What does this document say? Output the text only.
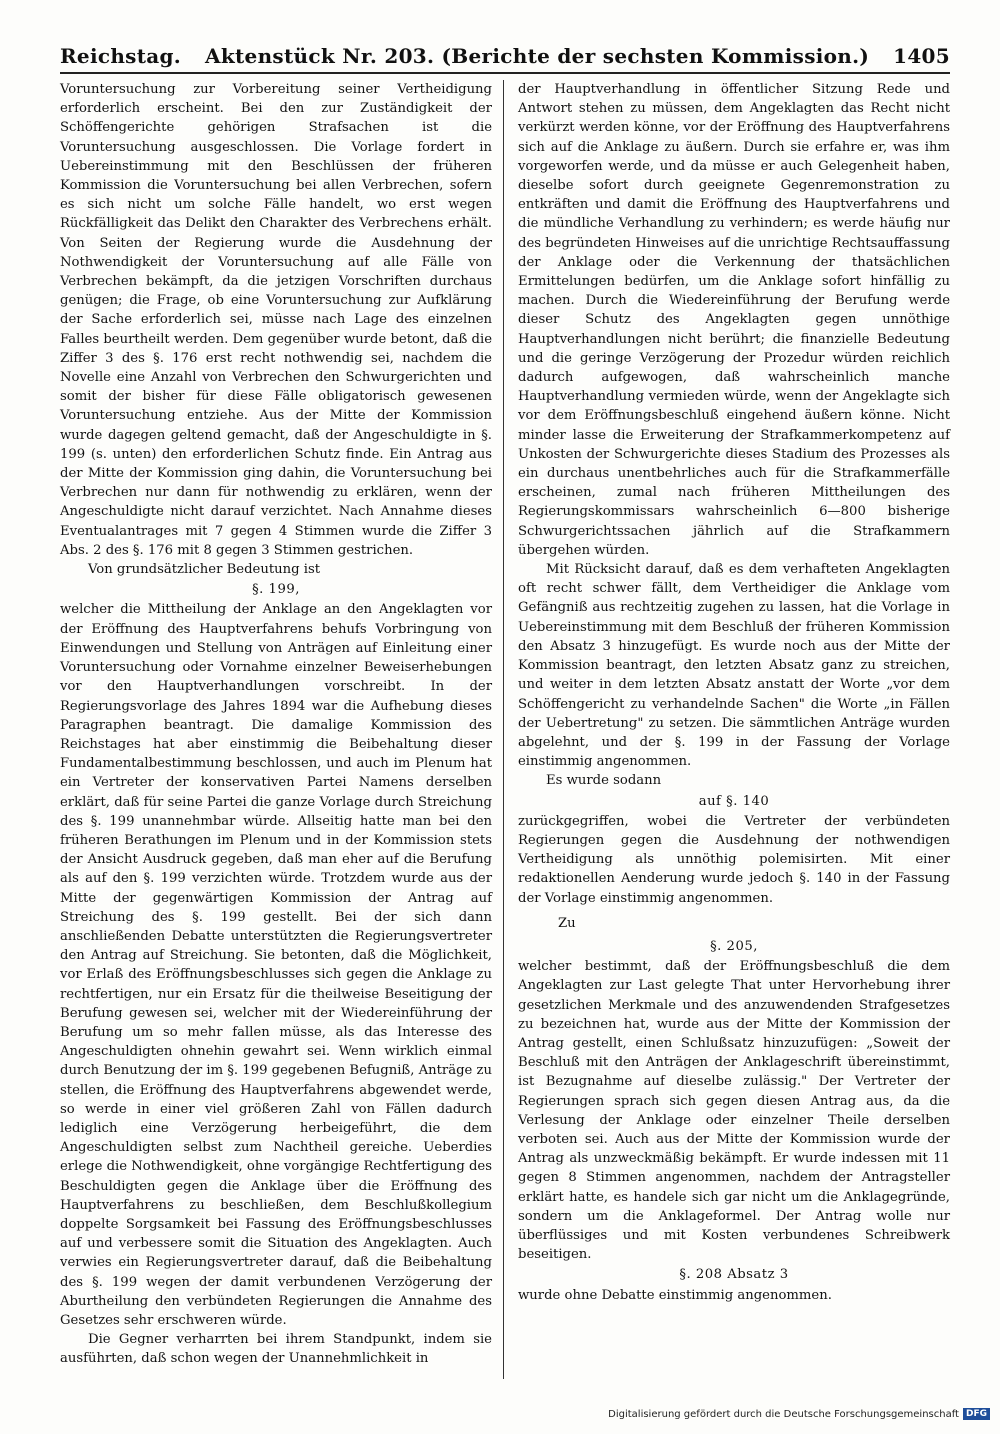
Reichstag.	Aktenstück Nr. 203. (Berichte der sechsten Kommission.)	1405

Voruntersuchung zur Vorbereitung seiner Vertheidigung erforderlich erscheint. Bei den zur Zuständigkeit der Schöffengerichte gehörigen Strafsachen ist die Voruntersuchung ausgeschlossen. Die Vorlage fordert in Uebereinstimmung mit den Beschlüssen der früheren Kommission die Voruntersuchung bei allen Verbrechen, sofern es sich nicht um solche Fälle handelt, wo erst wegen Rückfälligkeit das Delikt den Charakter des Verbrechens erhält. Von Seiten der Regierung wurde die Ausdehnung der Nothwendigkeit der Voruntersuchung auf alle Fälle von Verbrechen bekämpft, da die jetzigen Vorschriften durchaus genügen; die Frage, ob eine Voruntersuchung zur Aufklärung der Sache erforderlich sei, müsse nach Lage des einzelnen Falles beurtheilt werden. Dem gegenüber wurde betont, daß die Ziffer 3 des §. 176 erst recht nothwendig sei, nachdem die Novelle eine Anzahl von Verbrechen den Schwurgerichten und somit der bisher für diese Fälle obligatorisch gewesenen Voruntersuchung entziehe. Aus der Mitte der Kommission wurde dagegen geltend gemacht, daß der Angeschuldigte in §. 199 (s. unten) den erforderlichen Schutz finde. Ein Antrag aus der Mitte der Kommission ging dahin, die Voruntersuchung bei Verbrechen nur dann für nothwendig zu erklären, wenn der Angeschuldigte nicht darauf verzichtet. Nach Annahme dieses Eventualantrages mit 7 gegen 4 Stimmen wurde die Ziffer 3 Abs. 2 des §. 176 mit 8 gegen 3 Stimmen gestrichen.

Von grundsätzlicher Bedeutung ist

§. 199,

welcher die Mittheilung der Anklage an den Angeklagten vor der Eröffnung des Hauptverfahrens behufs Vorbringung von Einwendungen und Stellung von Anträgen auf Einleitung einer Voruntersuchung oder Vornahme einzelner Beweiserhebungen vor den Hauptverhandlungen vorschreibt. In der Regierungsvorlage des Jahres 1894 war die Aufhebung dieses Paragraphen beantragt. Die damalige Kommission des Reichstages hat aber einstimmig die Beibehaltung dieser Fundamentalbestimmung beschlossen, und auch im Plenum hat ein Vertreter der konservativen Partei Namens derselben erklärt, daß für seine Partei die ganze Vorlage durch Streichung des §. 199 unannehmbar würde. Allseitig hatte man bei den früheren Berathungen im Plenum und in der Kommission stets der Ansicht Ausdruck gegeben, daß man eher auf die Berufung als auf den §. 199 verzichten würde. Trotzdem wurde aus der Mitte der gegenwärtigen Kommission der Antrag auf Streichung des §. 199 gestellt. Bei der sich dann anschließenden Debatte unterstützten die Regierungsvertreter den Antrag auf Streichung. Sie betonten, daß die Möglichkeit, vor Erlaß des Eröffnungsbeschlusses sich gegen die Anklage zu rechtfertigen, nur ein Ersatz für die theilweise Beseitigung der Berufung gewesen sei, welcher mit der Wiedereinführung der Berufung um so mehr fallen müsse, als das Interesse des Angeschuldigten ohnehin gewahrt sei. Wenn wirklich einmal durch Benutzung der im §. 199 gegebenen Befugniß, Anträge zu stellen, die Eröffnung des Hauptverfahrens abgewendet werde, so werde in einer viel größeren Zahl von Fällen dadurch lediglich eine Verzögerung herbeigeführt, die dem Angeschuldigten selbst zum Nachtheil gereiche. Ueberdies erlege die Nothwendigkeit, ohne vorgängige Rechtfertigung des Beschuldigten gegen die Anklage über die Eröffnung des Hauptverfahrens zu beschließen, dem Beschlußkollegium doppelte Sorgsamkeit bei Fassung des Eröffnungsbeschlusses auf und verbessere somit die Situation des Angeklagten. Auch verwies ein Regierungsvertreter darauf, daß die Beibehaltung des §. 199 wegen der damit verbundenen Verzögerung der Aburtheilung den verbündeten Regierungen die Annahme des Gesetzes sehr erschweren würde.

Die Gegner verharrten bei ihrem Standpunkt, indem sie ausführten, daß schon wegen der Unannehmlichkeit in

der Hauptverhandlung in öffentlicher Sitzung Rede und Antwort stehen zu müssen, dem Angeklagten das Recht nicht verkürzt werden könne, vor der Eröffnung des Hauptverfahrens sich auf die Anklage zu äußern. Durch sie erfahre er, was ihm vorgeworfen werde, und da müsse er auch Gelegenheit haben, dieselbe sofort durch geeignete Gegenremonstration zu entkräften und damit die Eröffnung des Hauptverfahrens und die mündliche Verhandlung zu verhindern; es werde häufig nur des begründeten Hinweises auf die unrichtige Rechtsauffassung der Anklage oder die Verkennung der thatsächlichen Ermittelungen bedürfen, um die Anklage sofort hinfällig zu machen. Durch die Wiedereinführung der Berufung werde dieser Schutz des Angeklagten gegen unnöthige Hauptverhandlungen nicht berührt; die finanzielle Bedeutung und die geringe Verzögerung der Prozedur würden reichlich dadurch aufgewogen, daß wahrscheinlich manche Hauptverhandlung vermieden würde, wenn der Angeklagte sich vor dem Eröffnungsbeschluß eingehend äußern könne. Nicht minder lasse die Erweiterung der Strafkammerkompetenz auf Unkosten der Schwurgerichte dieses Stadium des Prozesses als ein durchaus unentbehrliches auch für die Strafkammerfälle erscheinen, zumal nach früheren Mittheilungen des Regierungskommissars wahrscheinlich 6—800 bisherige Schwurgerichtssachen jährlich auf die Strafkammern übergehen würden.

Mit Rücksicht darauf, daß es dem verhafteten Angeklagten oft recht schwer fällt, dem Vertheidiger die Anklage vom Gefängniß aus rechtzeitig zugehen zu lassen, hat die Vorlage in Uebereinstimmung mit dem Beschluß der früheren Kommission den Absatz 3 hinzugefügt. Es wurde noch aus der Mitte der Kommission beantragt, den letzten Absatz ganz zu streichen, und weiter in dem letzten Absatz anstatt der Worte „vor dem Schöffengericht zu verhandelnde Sachen" die Worte „in Fällen der Uebertretung" zu setzen. Die sämmtlichen Anträge wurden abgelehnt, und der §. 199 in der Fassung der Vorlage einstimmig angenommen.

Es wurde sodann

auf §. 140

zurückgegriffen, wobei die Vertreter der verbündeten Regierungen gegen die Ausdehnung der nothwendigen Vertheidigung als unnöthig polemisirten. Mit einer redaktionellen Aenderung wurde jedoch §. 140 in der Fassung der Vorlage einstimmig angenommen.

Zu

§. 205,

welcher bestimmt, daß der Eröffnungsbeschluß die dem Angeklagten zur Last gelegte That unter Hervorhebung ihrer gesetzlichen Merkmale und des anzuwendenden Strafgesetzes zu bezeichnen hat, wurde aus der Mitte der Kommission der Antrag gestellt, einen Schlußsatz hinzuzufügen: „Soweit der Beschluß mit den Anträgen der Anklageschrift übereinstimmt, ist Bezugnahme auf dieselbe zulässig." Der Vertreter der Regierungen sprach sich gegen diesen Antrag aus, da die Verlesung der Anklage oder einzelner Theile derselben verboten sei. Auch aus der Mitte der Kommission wurde der Antrag als unzweckmäßig bekämpft. Er wurde indessen mit 11 gegen 8 Stimmen angenommen, nachdem der Antragsteller erklärt hatte, es handele sich gar nicht um die Anklagegründe, sondern um die Anklageformel. Der Antrag wolle nur überflüssiges und mit Kosten verbundenes Schreibwerk beseitigen.

§. 208 Absatz 3

wurde ohne Debatte einstimmig angenommen.

Digitalisierung gefördert durch die Deutsche Forschungsgemeinschaft DFG
